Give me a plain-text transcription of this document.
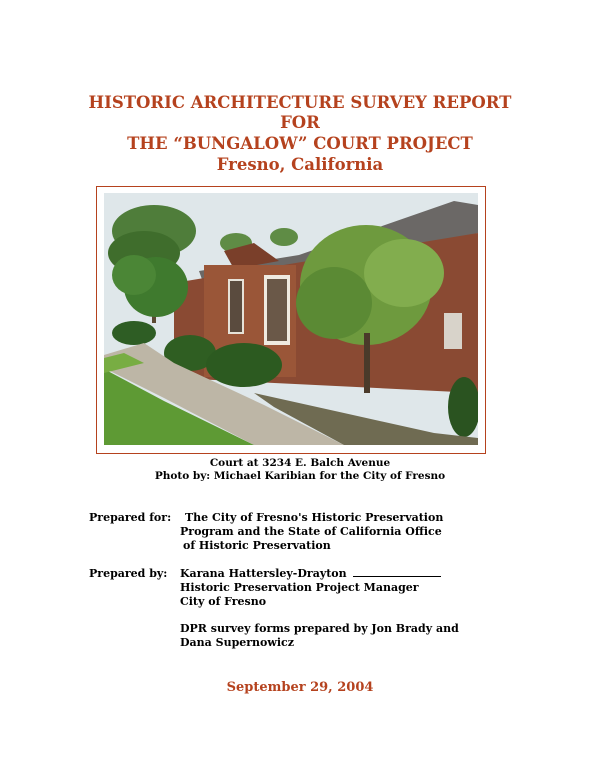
HISTORIC ARCHITECTURE SURVEY REPORT
FOR
THE “BUNGALOW” COURT PROJECT
Fresno, California
Court at 3234 E. Balch Avenue
Photo by: Michael Karibian for the City of Fresno
Prepared for: The City of Fresno's Historic Preservation
Program and the State of California Office
of Historic Preservation
Prepared by: Karana Hattersley-Drayton
Historic Preservation Project Manager
City of Fresno
DPR survey forms prepared by Jon Brady and
Dana Supernowicz
September 29, 2004
